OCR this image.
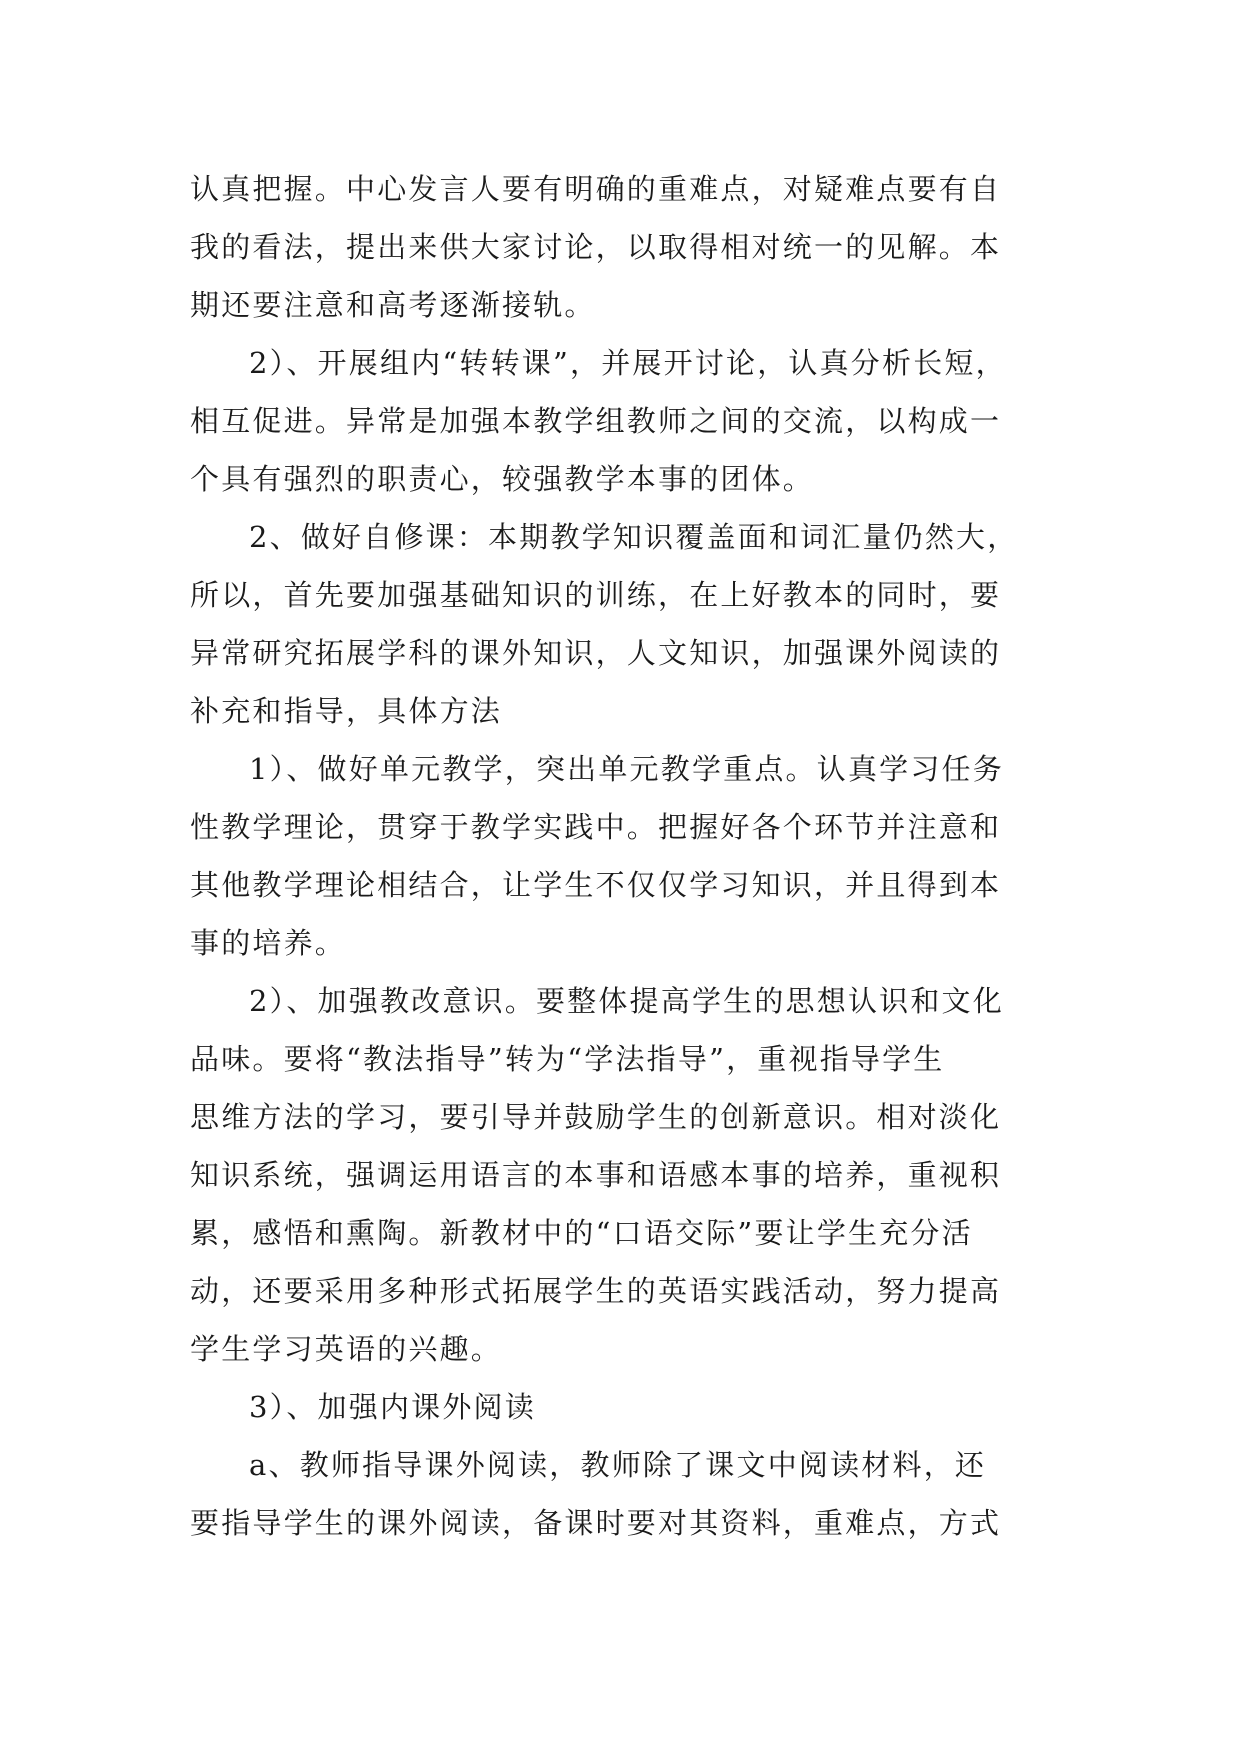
认真把握。中心发言人要有明确的重难点，对疑难点要有自
我的看法，提出来供大家讨论，以取得相对统一的见解。本
期还要注意和高考逐渐接轨。
2）、开展组内“转转课”，并展开讨论，认真分析长短，
相互促进。异常是加强本教学组教师之间的交流，以构成一
个具有强烈的职责心，较强教学本事的团体。
2、做好自修课：本期教学知识覆盖面和词汇量仍然大，
所以，首先要加强基础知识的训练，在上好教本的同时，要
异常研究拓展学科的课外知识，人文知识，加强课外阅读的
补充和指导，具体方法
1）、做好单元教学，突出单元教学重点。认真学习任务
性教学理论，贯穿于教学实践中。把握好各个环节并注意和
其他教学理论相结合，让学生不仅仅学习知识，并且得到本
事的培养。
2）、加强教改意识。要整体提高学生的思想认识和文化
品味。要将“教法指导”转为“学法指导”，重视指导学生
思维方法的学习，要引导并鼓励学生的创新意识。相对淡化
知识系统，强调运用语言的本事和语感本事的培养，重视积
累，感悟和熏陶。新教材中的“口语交际”要让学生充分活
动，还要采用多种形式拓展学生的英语实践活动，努力提高
学生学习英语的兴趣。
3）、加强内课外阅读
a、教师指导课外阅读，教师除了课文中阅读材料，还
要指导学生的课外阅读，备课时要对其资料，重难点，方式
